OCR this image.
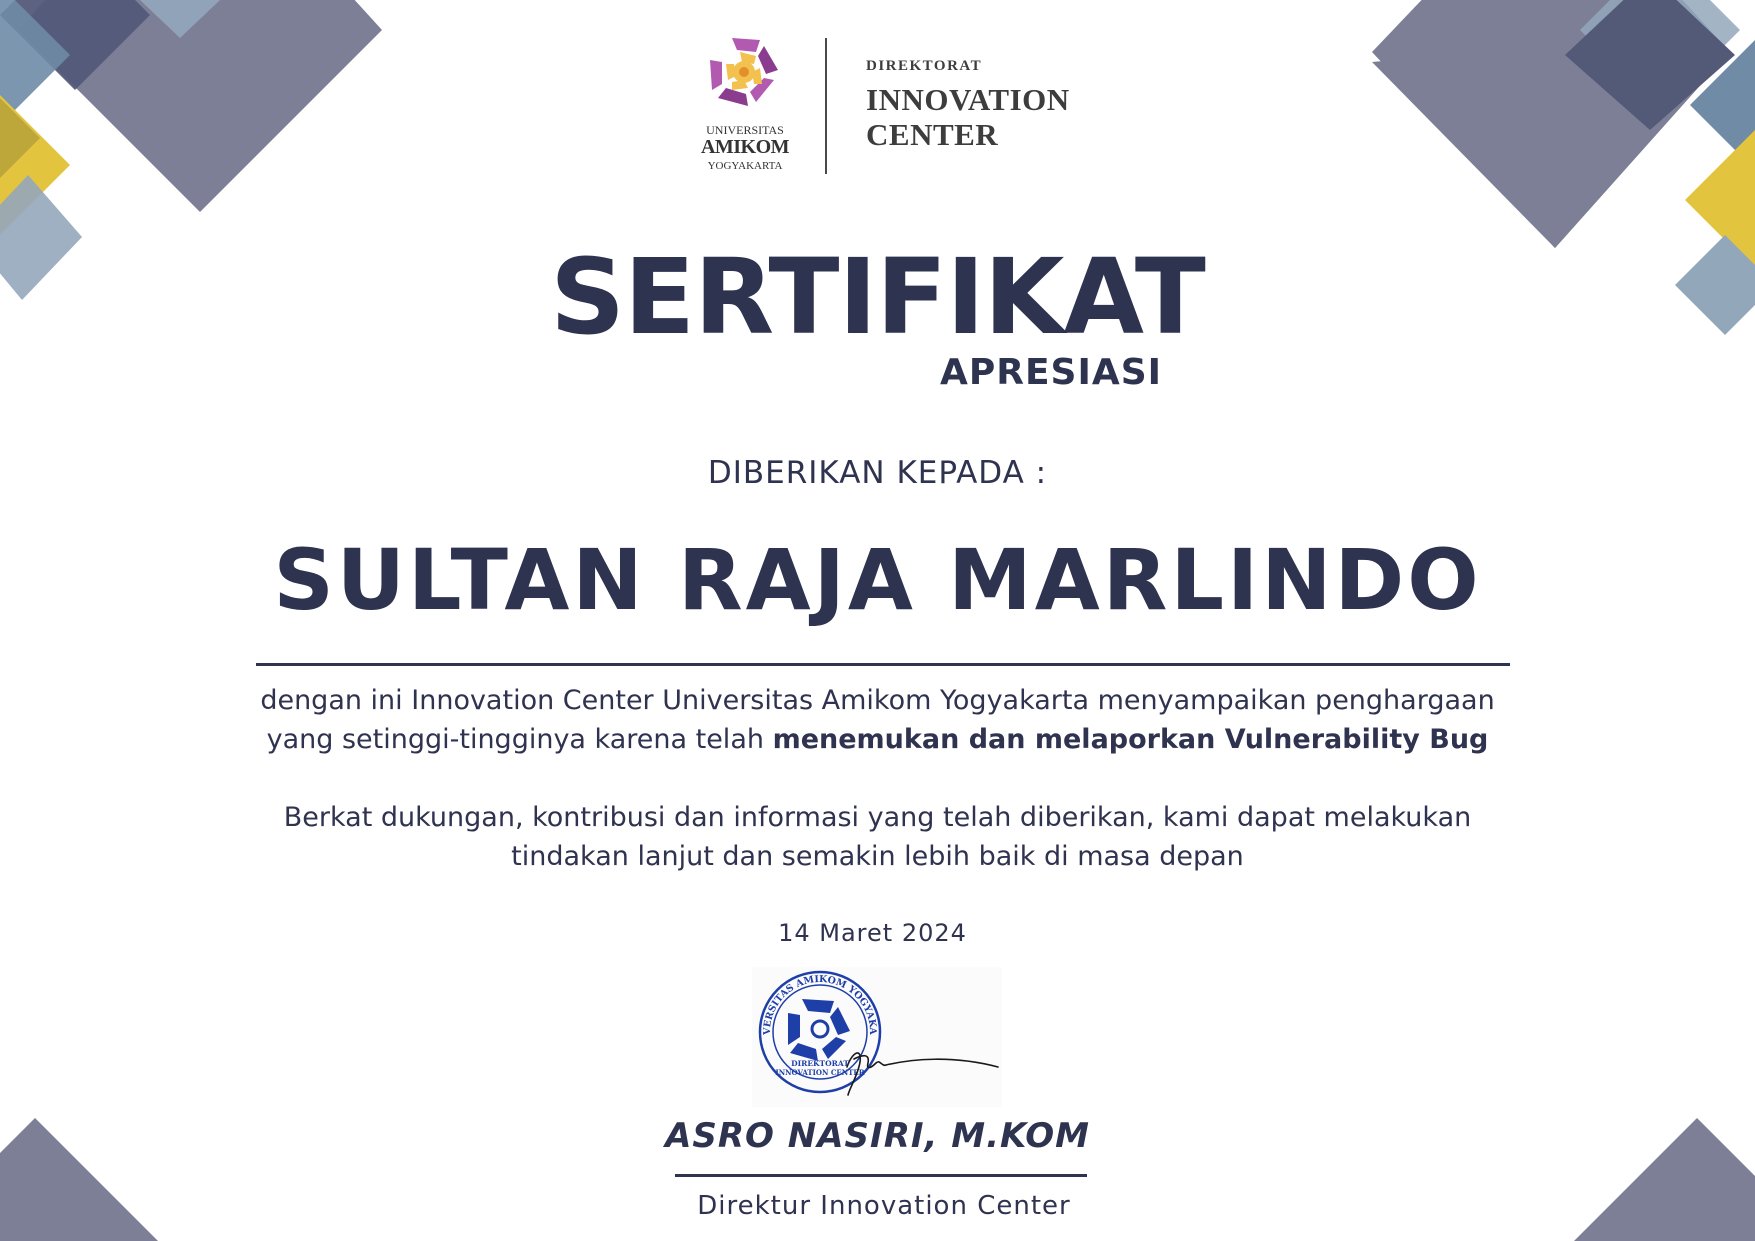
UNIVERSITAS
AMIKOM
YOGYAKARTA
DIREKTORAT
INNOVATION
CENTER
SERTIFIKAT
APRESIASI
DIBERIKAN KEPADA :
SULTAN RAJA MARLINDO
dengan ini Innovation Center Universitas Amikom Yogyakarta menyampaikan penghargaan
yang setinggi-tingginya karena telah menemukan dan melaporkan Vulnerability Bug
Berkat dukungan, kontribusi dan informasi yang telah diberikan, kami dapat melakukan
tindakan lanjut dan semakin lebih baik di masa depan
14 Maret 2024
VERSITAS AMIKOM YOGYAKA
DIREKTORAT
INNOVATION CENTER
ASRO NASIRI, M.KOM
Direktur Innovation Center
